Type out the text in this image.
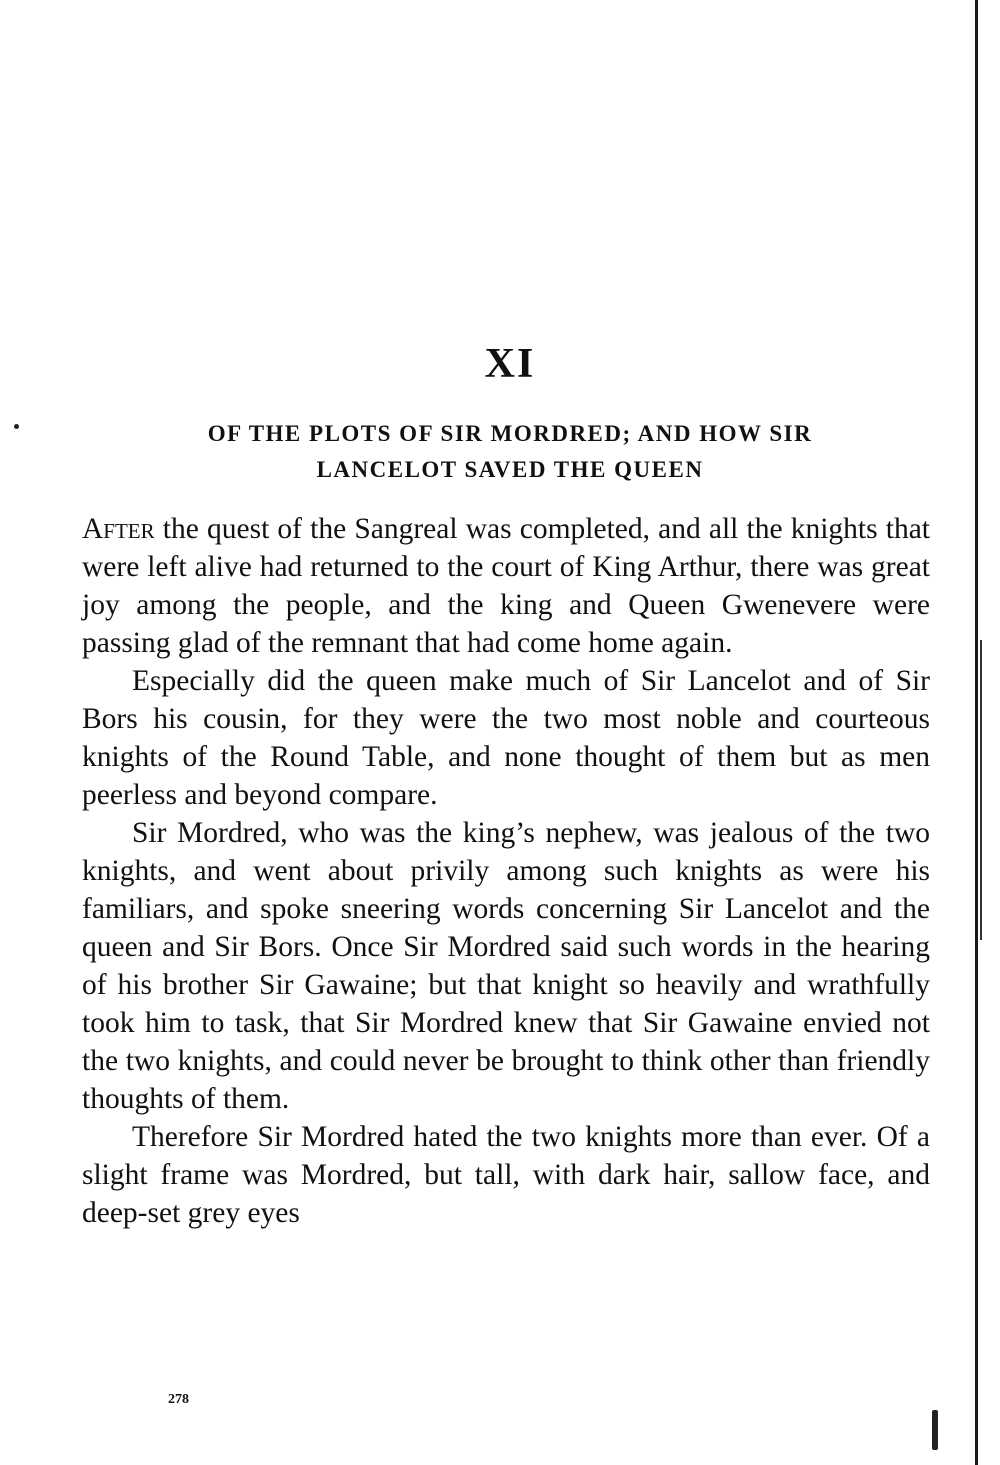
XI
OF THE PLOTS OF SIR MORDRED; AND HOW SIR
LANCELOT SAVED THE QUEEN

After the quest of the Sangreal was completed, and all the knights that were left alive had returned to the court of King Arthur, there was great joy among the people, and the king and Queen Gwenevere were passing glad of the remnant that had come home again.

Especially did the queen make much of Sir Lancelot and of Sir Bors his cousin, for they were the two most noble and courteous knights of the Round Table, and none thought of them but as men peerless and beyond compare.

Sir Mordred, who was the king’s nephew, was jealous of the two knights, and went about privily among such knights as were his familiars, and spoke sneering words concerning Sir Lancelot and the queen and Sir Bors. Once Sir Mordred said such words in the hearing of his brother Sir Gawaine; but that knight so heavily and wrathfully took him to task, that Sir Mordred knew that Sir Gawaine envied not the two knights, and could never be brought to think other than friendly thoughts of them.

Therefore Sir Mordred hated the two knights more than ever. Of a slight frame was Mordred, but tall, with dark hair, sallow face, and deep-set grey eyes

278
